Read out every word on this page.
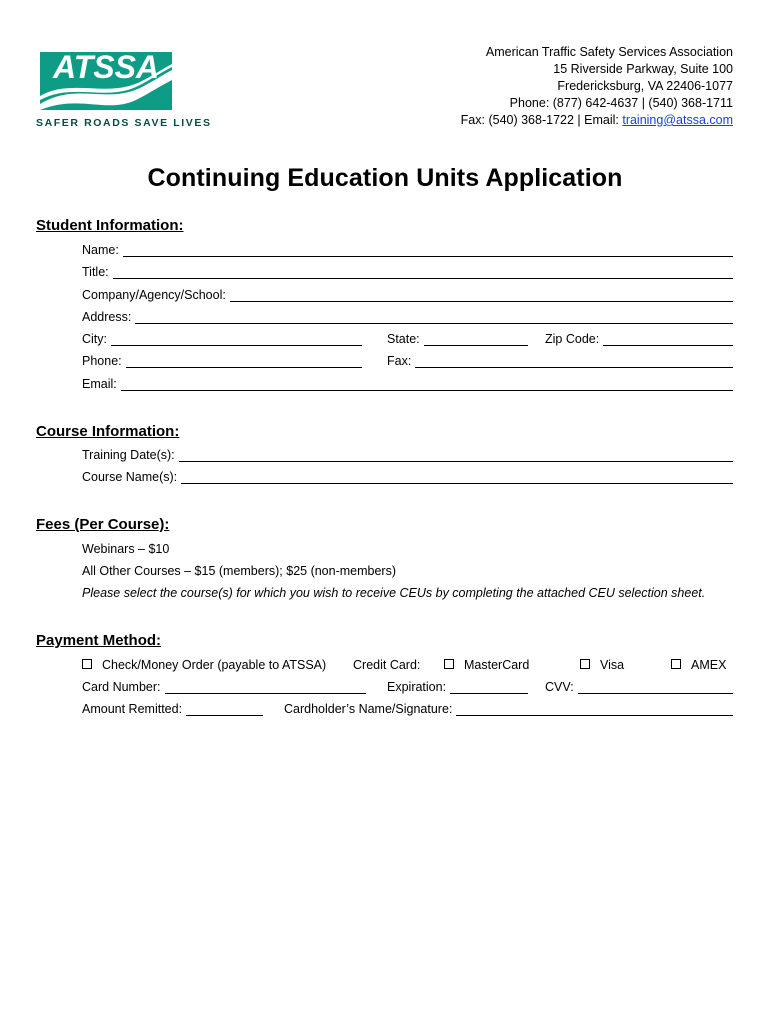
ATSSA
SAFER ROADS SAVE LIVES
American Traffic Safety Services Association
15 Riverside Parkway, Suite 100
Fredericksburg, VA 22406-1077
Phone: (877) 642-4637 | (540) 368-1711
Fax: (540) 368-1722 | Email: training@atssa.com
Continuing Education Units Application
Student Information:
Name:
Title:
Company/Agency/School:
Address:
City:	State:	Zip Code:
Phone:	Fax:
Email:
Course Information:
Training Date(s):
Course Name(s):
Fees (Per Course):
Webinars – $10
All Other Courses – $15 (members); $25 (non-members)
Please select the course(s) for which you wish to receive CEUs by completing the attached CEU selection sheet.
Payment Method:
Check/Money Order (payable to ATSSA) Credit Card:	MasterCard	Visa	AMEX
Card Number:	Expiration:	CVV:
Amount Remitted:	Cardholder’s Name/Signature:
